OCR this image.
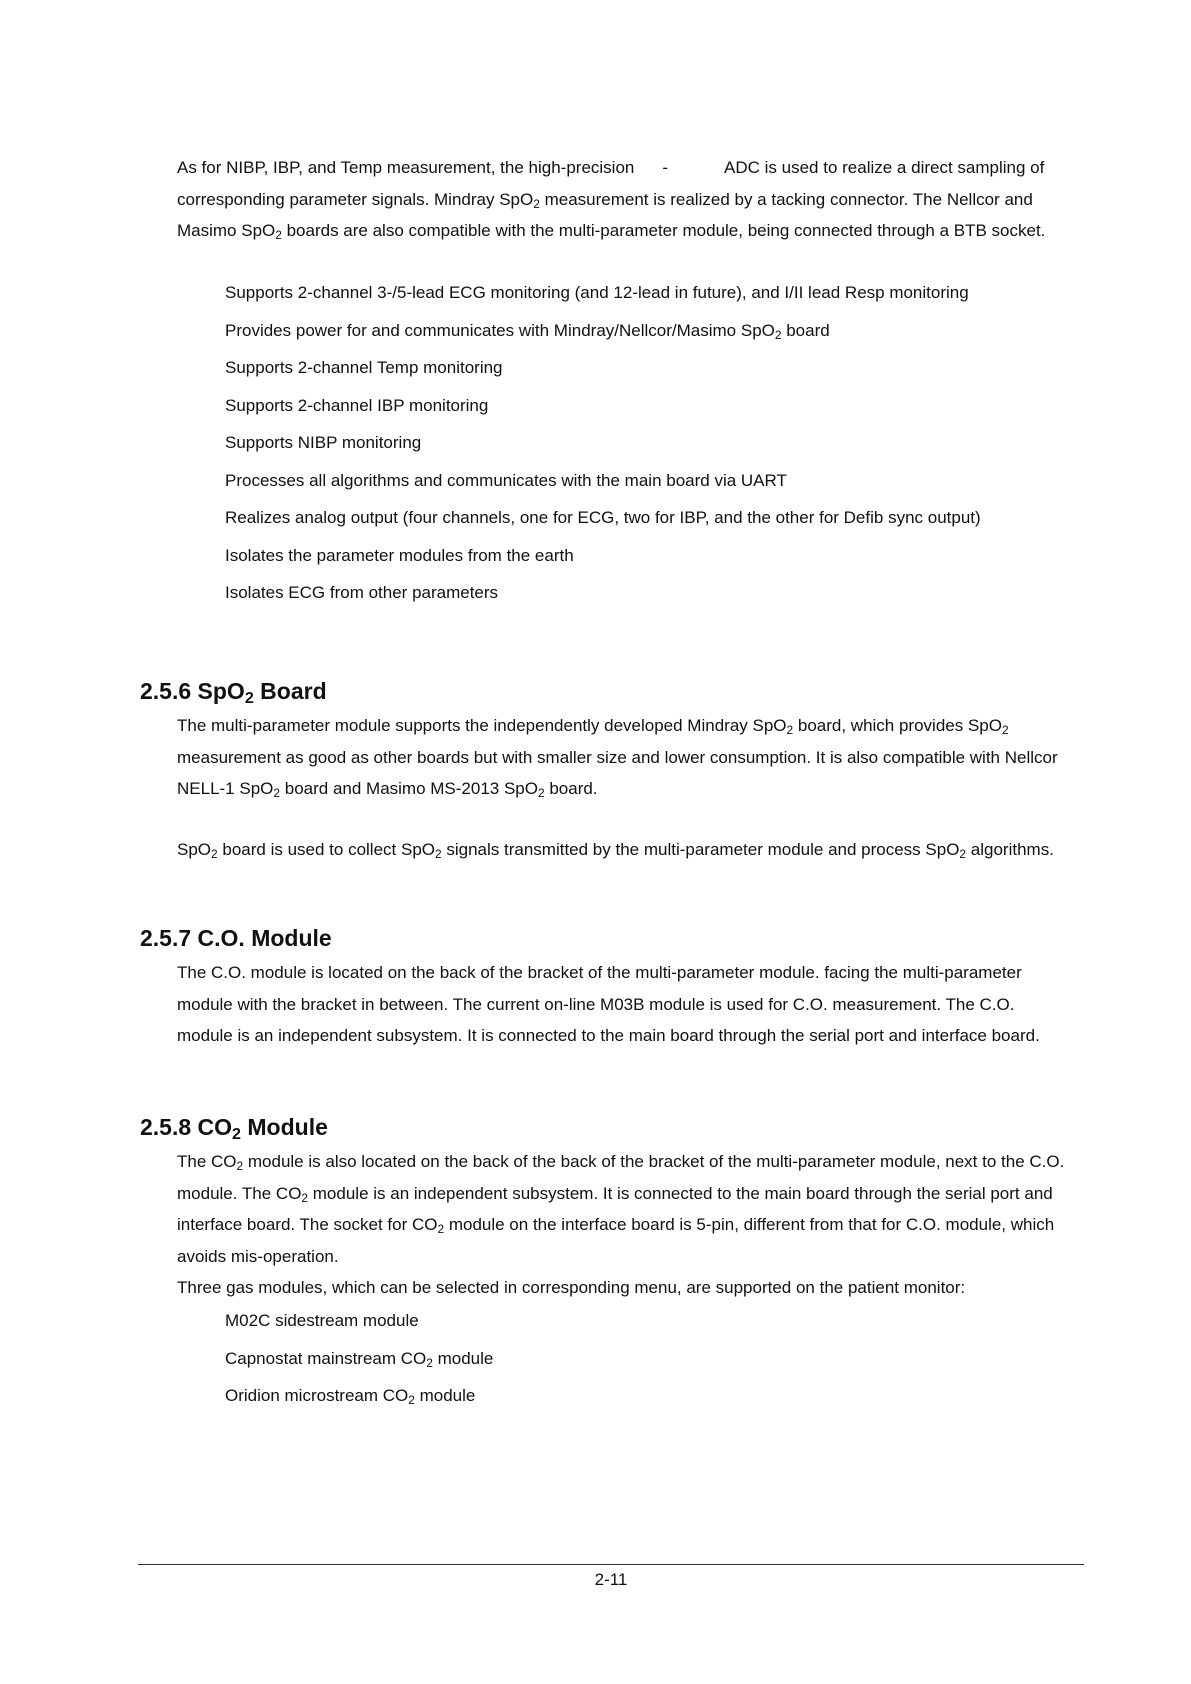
As for NIBP, IBP, and Temp measurement, the high-precision -	ADC is used to realize a direct sampling of
corresponding parameter signals. Mindray SpO$_2$ measurement is realized by a tacking connector. The Nellcor and
Masimo SpO$_2$ boards are also compatible with the multi-parameter module, being connected through a BTB socket.

Supports 2-channel 3-/5-lead ECG monitoring (and 12-lead in future), and I/II lead Resp monitoring
Provides power for and communicates with Mindray/Nellcor/Masimo SpO$_2$ board
Supports 2-channel Temp monitoring
Supports 2-channel IBP monitoring
Supports NIBP monitoring
Processes all algorithms and communicates with the main board via UART
Realizes analog output (four channels, one for ECG, two for IBP, and the other for Defib sync output)
Isolates the parameter modules from the earth
Isolates ECG from other parameters
2.5.6 SpO$_2$ Board

The multi-parameter module supports the independently developed Mindray SpO$_2$ board, which provides SpO$_2$
measurement as good as other boards but with smaller size and lower consumption. It is also compatible with Nellcor
NELL-1 SpO$_2$ board and Masimo MS-2013 SpO$_2$ board.

SpO$_2$ board is used to collect SpO$_2$ signals transmitted by the multi-parameter module and process SpO$_2$ algorithms.

2.5.7 C.O. Module

The C.O. module is located on the back of the bracket of the multi-parameter module. facing the multi-parameter
module with the bracket in between. The current on-line M03B module is used for C.O. measurement. The C.O.
module is an independent subsystem. It is connected to the main board through the serial port and interface board.

2.5.8 $CO_2$ Module

The $CO_2$ module is also located on the back of the back of the bracket of the multi-parameter module, next to the C.O.
module. The $CO_2$ module is an independent subsystem. It is connected to the main board through the serial port and
interface board. The socket for $CO_2$ module on the interface board is 5-pin, different from that for C.O. module, which
avoids mis-operation.
Three gas modules, which can be selected in corresponding menu, are supported on the patient monitor:

M02C sidestream module
Capnostat mainstream $CO_2$ module
Oridion microstream $CO_2$ module
2-11
